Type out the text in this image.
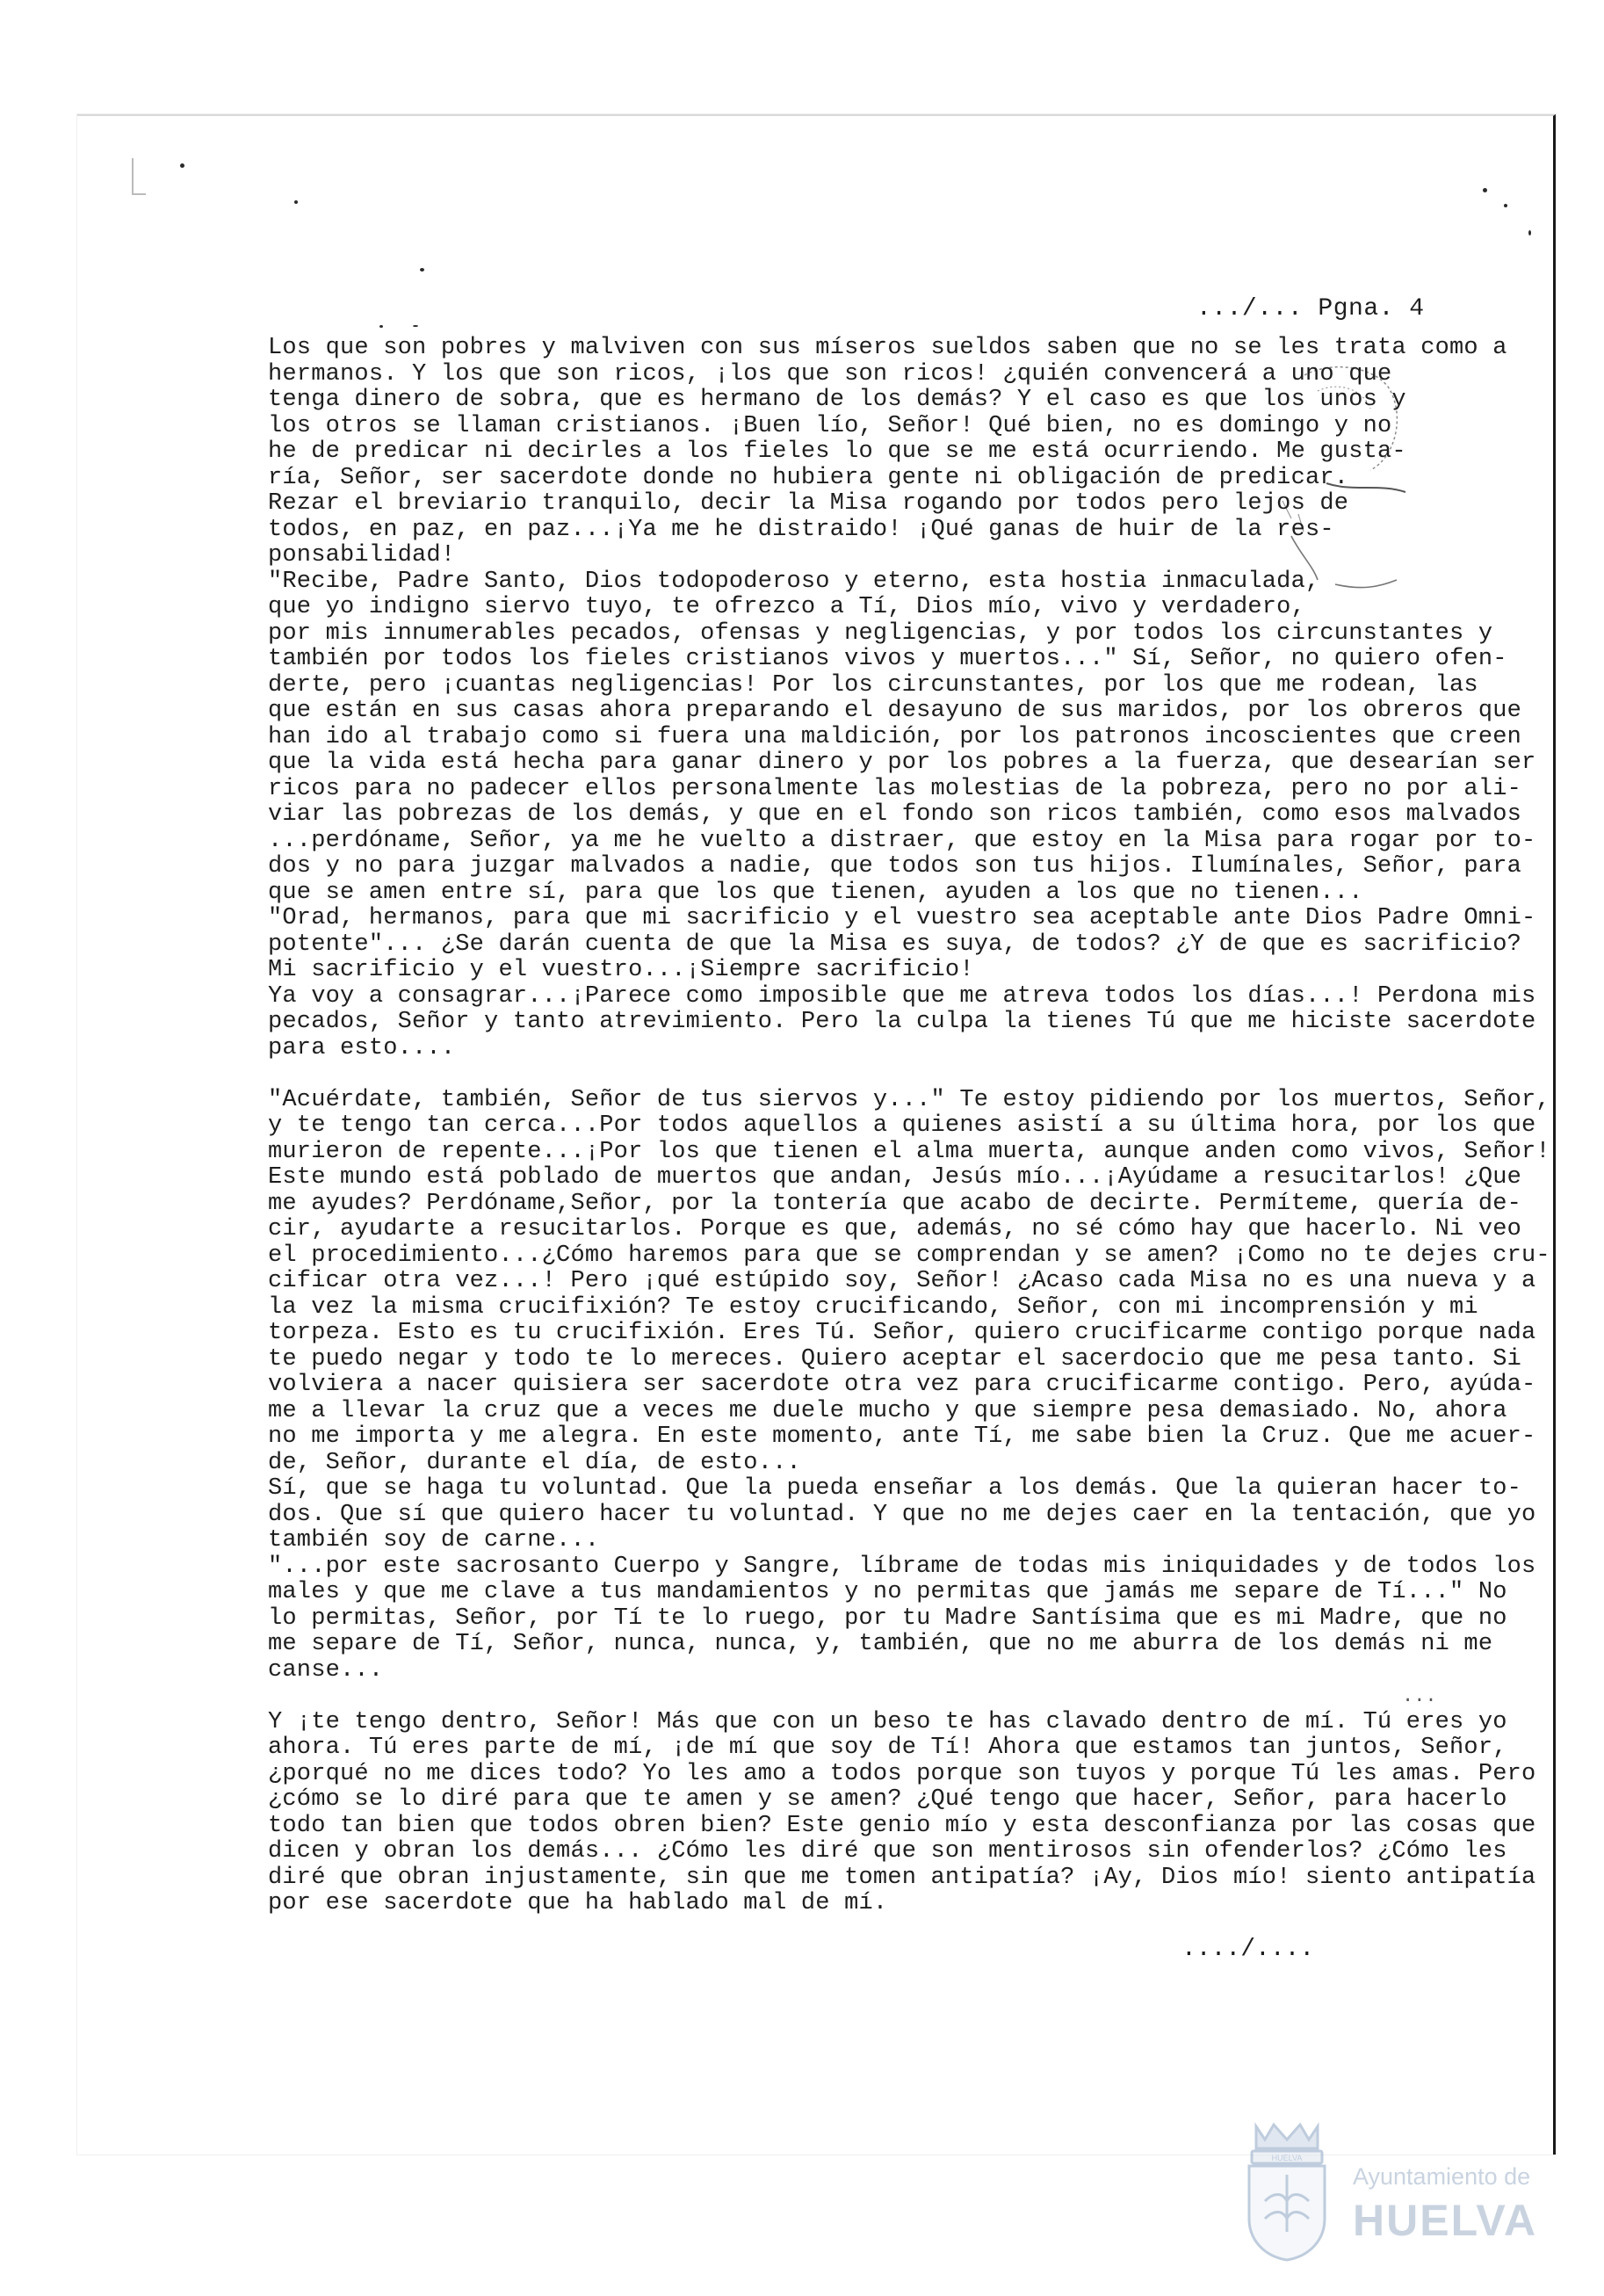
.../... Pgna. 4
Los que son pobres y malviven con sus míseros sueldos saben que no se les trata como a
hermanos. Y los que son ricos, ¡los que son ricos! ¿quién convencerá a uno que
tenga dinero de sobra, que es hermano de los demás? Y el caso es que los unos y
los otros se llaman cristianos. ¡Buen lío, Señor! Qué bien, no es domingo y no
he de predicar ni decirles a los fieles lo que se me está ocurriendo. Me gusta-
ría, Señor, ser sacerdote donde no hubiera gente ni obligación de predicar.
Rezar el breviario tranquilo, decir la Misa rogando por todos pero lejos de
todos, en paz, en paz...¡Ya me he distraido! ¡Qué ganas de huir de la res-
ponsabilidad!
"Recibe, Padre Santo, Dios todopoderoso y eterno, esta hostia inmaculada,
que yo indigno siervo tuyo, te ofrezco a Tí, Dios mío, vivo y verdadero,
por mis innumerables pecados, ofensas y negligencias, y por todos los circunstantes y
también por todos los fieles cristianos vivos y muertos..." Sí, Señor, no quiero ofen-
derte, pero ¡cuantas negligencias! Por los circunstantes, por los que me rodean, las
que están en sus casas ahora preparando el desayuno de sus maridos, por los obreros que
han ido al trabajo como si fuera una maldición, por los patronos incoscientes que creen
que la vida está hecha para ganar dinero y por los pobres a la fuerza, que desearían ser
ricos para no padecer ellos personalmente las molestias de la pobreza, pero no por ali-
viar las pobrezas de los demás, y que en el fondo son ricos también, como esos malvados
...perdóname, Señor, ya me he vuelto a distraer, que estoy en la Misa para rogar por to-
dos y no para juzgar malvados a nadie, que todos son tus hijos. Ilumínales, Señor, para
que se amen entre sí, para que los que tienen, ayuden a los que no tienen...
"Orad, hermanos, para que mi sacrificio y el vuestro sea aceptable ante Dios Padre Omni-
potente"... ¿Se darán cuenta de que la Misa es suya, de todos? ¿Y de que es sacrificio?
Mi sacrificio y el vuestro...¡Siempre sacrificio!
Ya voy a consagrar...¡Parece como imposible que me atreva todos los días...! Perdona mis
pecados, Señor y tanto atrevimiento. Pero la culpa la tienes Tú que me hiciste sacerdote
para esto....
"Acuérdate, también, Señor de tus siervos y..." Te estoy pidiendo por los muertos, Señor,
y te tengo tan cerca...Por todos aquellos a quienes asistí a su última hora, por los que
murieron de repente...¡Por los que tienen el alma muerta, aunque anden como vivos, Señor!
Este mundo está poblado de muertos que andan, Jesús mío...¡Ayúdame a resucitarlos! ¿Que
me ayudes? Perdóname,Señor, por la tontería que acabo de decirte. Permíteme, quería de-
cir, ayudarte a resucitarlos. Porque es que, además, no sé cómo hay que hacerlo. Ni veo
el procedimiento...¿Cómo haremos para que se comprendan y se amen? ¡Como no te dejes cru-
cificar otra vez...! Pero ¡qué estúpido soy, Señor! ¿Acaso cada Misa no es una nueva y a
la vez la misma crucifixión? Te estoy crucificando, Señor, con mi incomprensión y mi
torpeza. Esto es tu crucifixión. Eres Tú. Señor, quiero crucificarme contigo porque nada
te puedo negar y todo te lo mereces. Quiero aceptar el sacerdocio que me pesa tanto. Si
volviera a nacer quisiera ser sacerdote otra vez para crucificarme contigo. Pero, ayúda-
me a llevar la cruz que a veces me duele mucho y que siempre pesa demasiado. No, ahora
no me importa y me alegra. En este momento, ante Tí, me sabe bien la Cruz. Que me acuer-
de, Señor, durante el día, de esto...
Sí, que se haga tu voluntad. Que la pueda enseñar a los demás. Que la quieran hacer to-
dos. Que sí que quiero hacer tu voluntad. Y que no me dejes caer en la tentación, que yo
también soy de carne...
"...por este sacrosanto Cuerpo y Sangre, líbrame de todas mis iniquidades y de todos los
males y que me clave a tus mandamientos y no permitas que jamás me separe de Tí..." No
lo permitas, Señor, por Tí te lo ruego, por tu Madre Santísima que es mi Madre, que no
me separe de Tí, Señor, nunca, nunca, y, también, que no me aburra de los demás ni me
canse...
Y ¡te tengo dentro, Señor! Más que con un beso te has clavado dentro de mí. Tú eres yo
ahora. Tú eres parte de mí, ¡de mí que soy de Tí! Ahora que estamos tan juntos, Señor,
¿porqué no me dices todo? Yo les amo a todos porque son tuyos y porque Tú les amas. Pero
¿cómo se lo diré para que te amen y se amen? ¿Qué tengo que hacer, Señor, para hacerlo
todo tan bien que todos obren bien? Este genio mío y esta desconfianza por las cosas que
dicen y obran los demás... ¿Cómo les diré que son mentirosos sin ofenderlos? ¿Cómo les
diré que obran injustamente, sin que me tomen antipatía? ¡Ay, Dios mío! siento antipatía
por ese sacerdote que ha hablado mal de mí.
...
..../....
HUELVA
Ayuntamiento de
HUELVA
